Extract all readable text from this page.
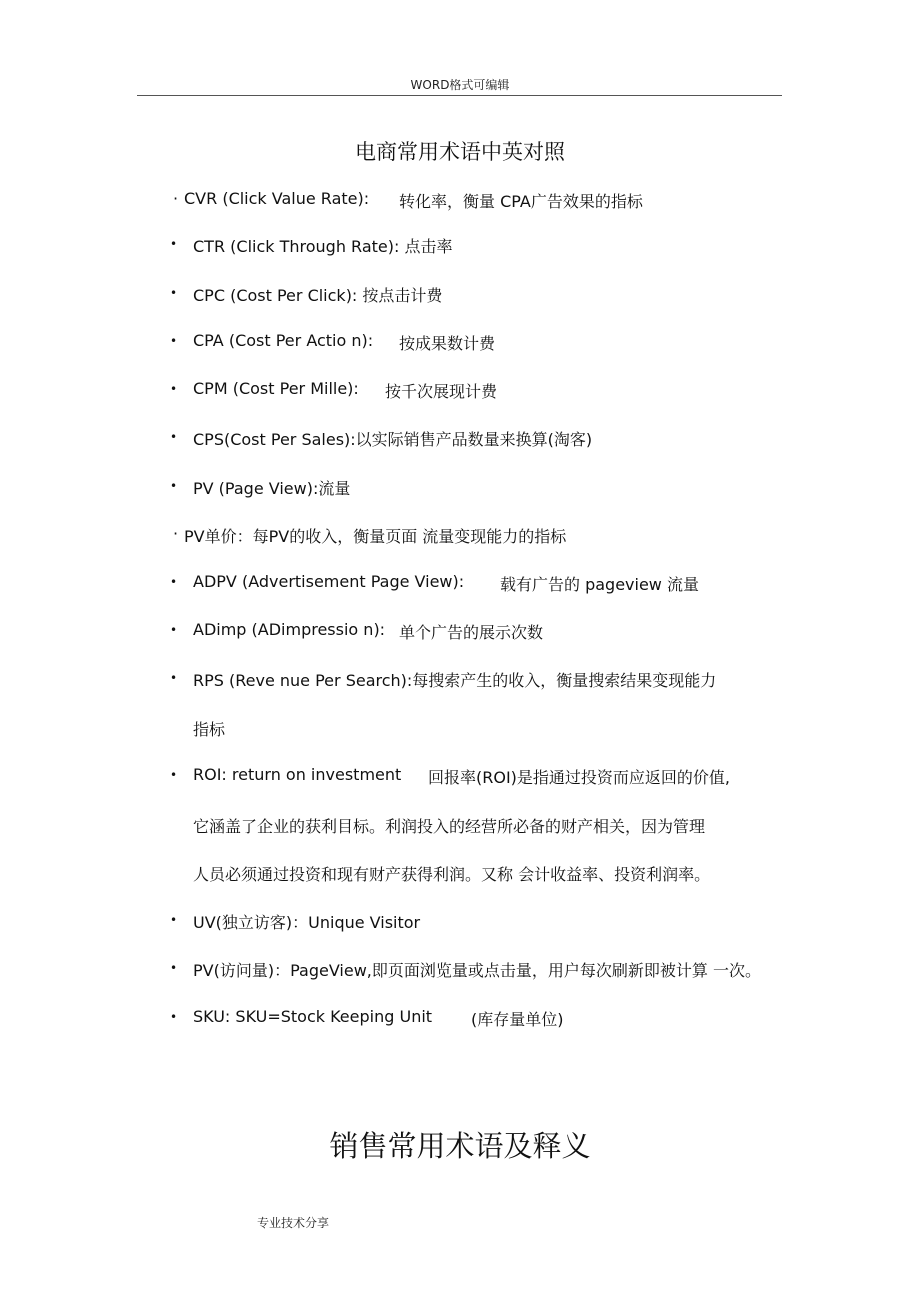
WORD格式可编辑
电商常用术语中英对照
· CVR (Click Value Rate): 转化率，衡量 CPA广告效果的指标
• CTR (Click Through Rate): 点击率
• CPC (Cost Per Click): 按点击计费
• CPA (Cost Per Actio n): 按成果数计费
• CPM (Cost Per Mille): 按千次展现计费
• CPS(Cost Per Sales):以实际销售产品数量来换算(淘客)
• PV (Page View):流量
· PV单价：每PV的收入，衡量页面 流量变现能力的指标
• ADPV (Advertisement Page View): 载有广告的 pageview 流量
• ADimp (ADimpressio n): 单个广告的展示次数
• RPS (Reve nue Per Search):每搜索产生的收入，衡量搜索结果变现能力
指标
• ROI: return on investment 回报率(ROI)是指通过投资而应返回的价值,
它涵盖了企业的获利目标。利润投入的经营所必备的财产相关，因为管理
人员必须通过投资和现有财产获得利润。又称 会计收益率、投资利润率。
• UV(独立访客)：Unique Visitor
• PV(访问量)：PageView,即页面浏览量或点击量，用户每次刷新即被计算 一次。
• SKU: SKU=Stock Keeping Unit (库存量单位)
销售常用术语及释义
专业技术分享
